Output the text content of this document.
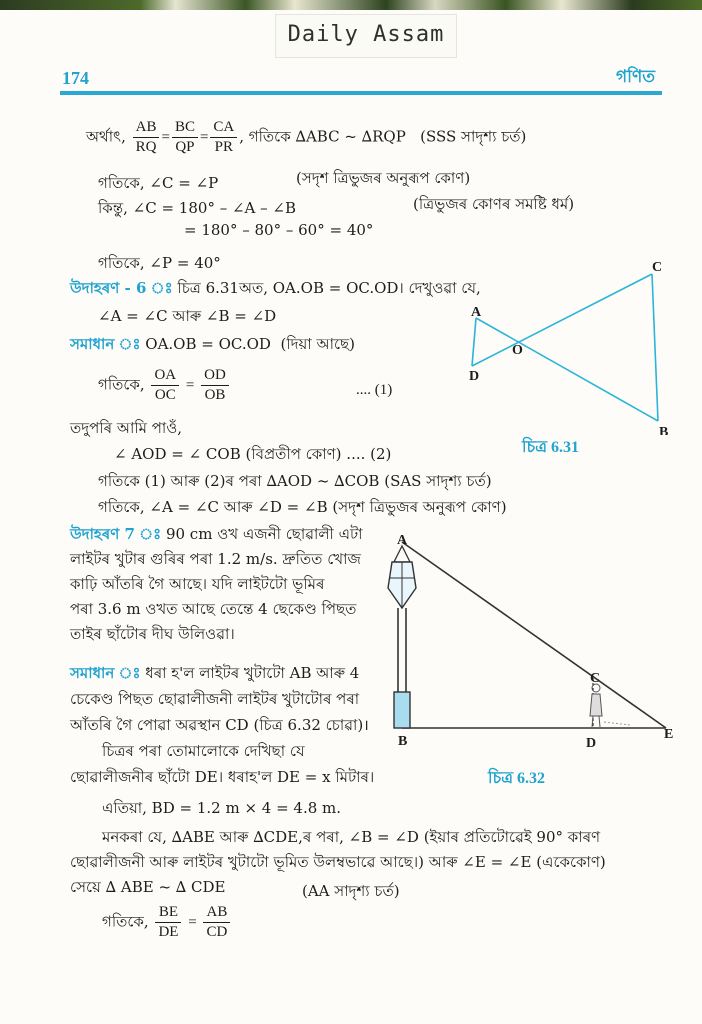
Daily Assam
174	গণিত
অৰ্থাৎ, $\frac{AB}{RQ} = \frac{BC}{QP} = \frac{CA}{PR}$ , গতিকে ∆ABC ~ ∆RQP (SSS সাদৃশ্য চৰ্ত)
গতিকে, ∠C = ∠P	(সদৃশ ত্ৰিভুজৰ অনুৰূপ কোণ)
কিন্তু, ∠C = 180° – ∠A – ∠B	(ত্ৰিভুজৰ কোণৰ সমষ্টি ধৰ্ম)
= 180° – 80° – 60° = 40°
গতিকে, ∠P = 40°
উদাহৰণ - 6 ঃ চিত্ৰ 6.31অত, OA.OB = OC.OD। দেখুওৱা যে,
∠A = ∠C আৰু ∠B = ∠D
সমাধান ঃ OA.OB = OC.OD (দিয়া আছে)
গতিকে, $\frac{OA}{OC} = \frac{OD}{OB}$	.... (1)
তদুপৰি আমি পাওঁ,
∠ AOD = ∠ COB (বিপ্ৰতীপ কোণ) .... (2)
গতিকে (1) আৰু (2)ৰ পৰা ∆AOD ~ ∆COB (SAS সাদৃশ্য চৰ্ত)
গতিকে, ∠A = ∠C আৰু ∠D = ∠B (সদৃশ ত্ৰিভুজৰ অনুৰূপ কোণ)
A
D
O
C
B
চিত্ৰ 6.31
উদাহৰণ 7 ঃ 90 cm ওখ এজনী ছোৱালী এটা
লাইটৰ খুটাৰ গুৰিৰ পৰা 1.2 m/s. দ্ৰুতিত খোজ
কাঢ়ি আঁতৰি গৈ আছে। যদি লাইটটো ভূমিৰ
পৰা 3.6 m ওখত আছে তেন্তে 4 ছেকেণ্ড পিছত
তাইৰ ছাঁটোৰ দীঘ উলিওৱা।
সমাধান ঃ ধৰা হ'ল লাইটৰ খুটাটো AB আৰু 4
চেকেণ্ড পিছত ছোৱালীজনী লাইটৰ খুটাটোৰ পৰা
আঁতৰি গৈ পোৱা অৱস্থান CD (চিত্ৰ 6.32 চোৱা)।
চিত্ৰৰ পৰা তোমালোকে দেখিছা যে
ছোৱালীজনীৰ ছাঁটো DE। ধৰাহ'ল DE = x মিটাৰ।
এতিয়া, BD = 1.2 m × 4 = 4.8 m.
মনকৰা যে, ∆ABE আৰু ∆CDE,ৰ পৰা, ∠B = ∠D (ইয়াৰ প্ৰতিটোৱেই 90° কাৰণ
ছোৱালীজনী আৰু লাইটৰ খুটাটো ভূমিত উলম্বভাৱে আছে।) আৰু ∠E = ∠E (একেকোণ)
সেয়ে ∆ ABE ~ ∆ CDE	(AA সাদৃশ্য চৰ্ত)
গতিকে, $\frac{BE}{DE} = \frac{AB}{CD}$
A
B
C
D
E
চিত্ৰ 6.32
